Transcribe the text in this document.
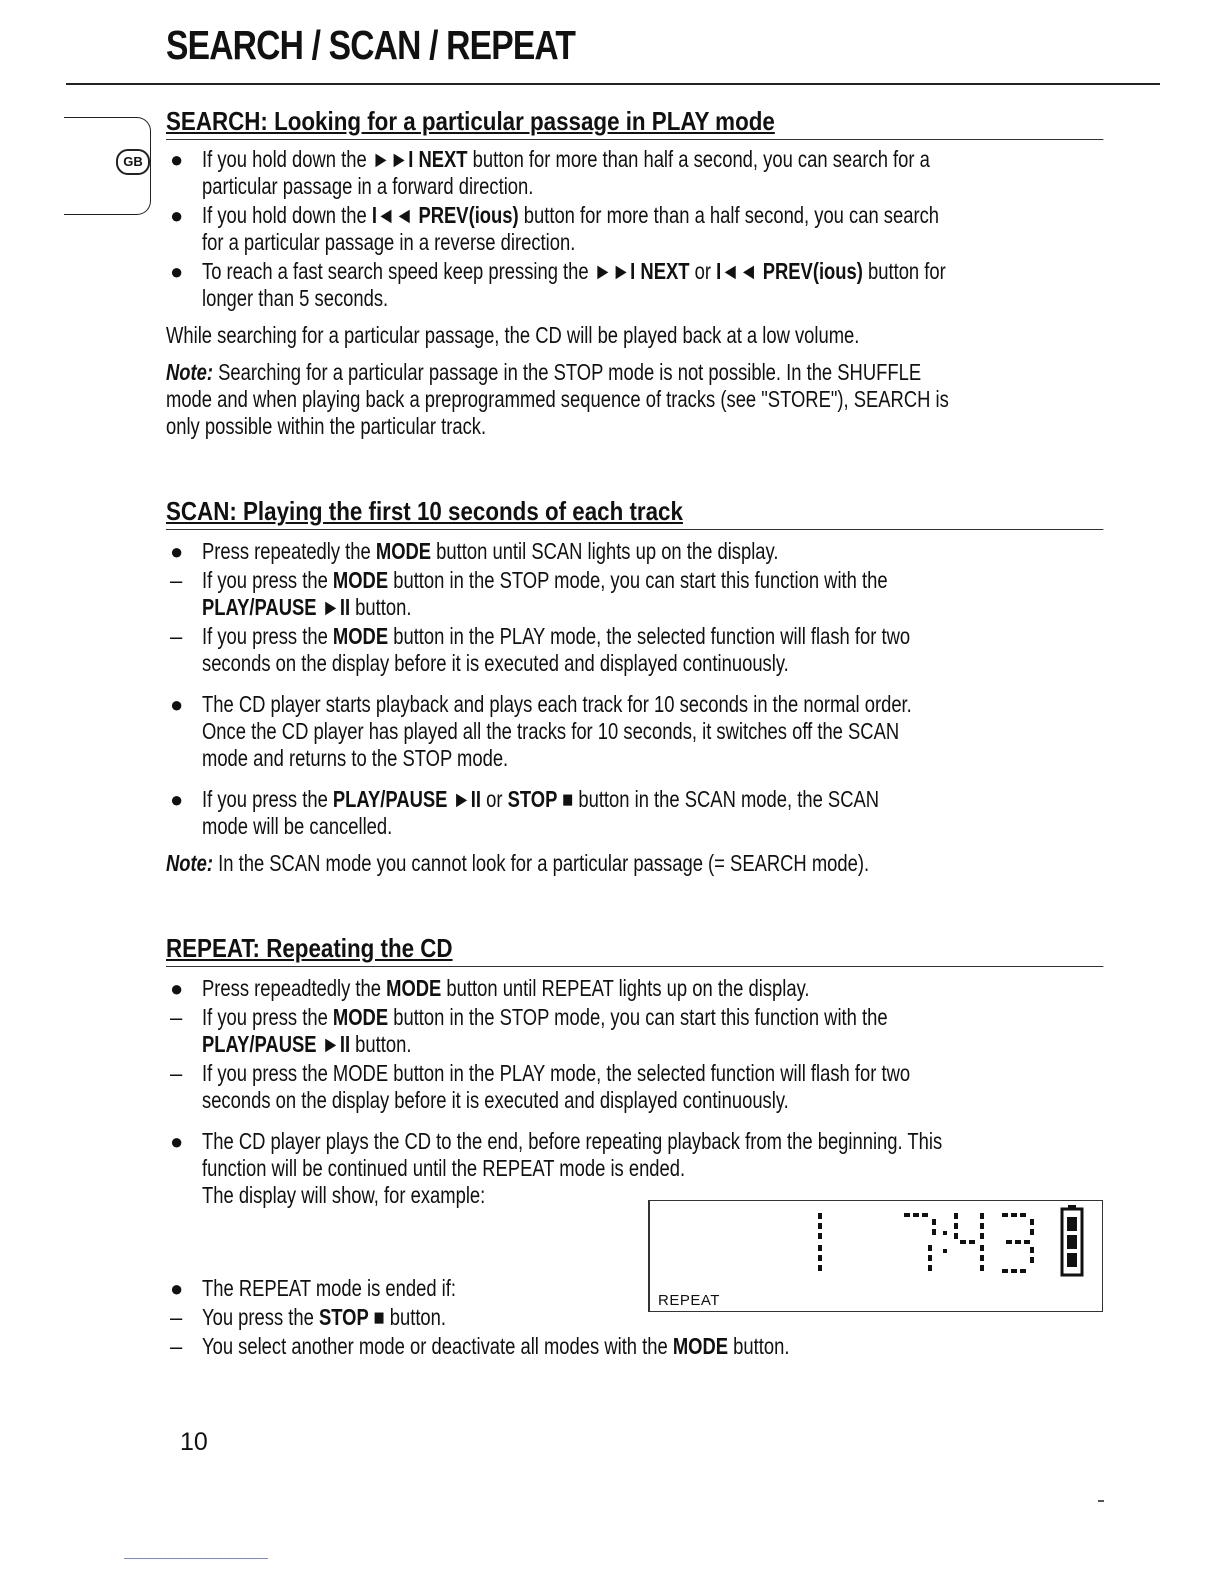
SEARCH / SCAN / REPEAT
GB
SEARCH: Looking for a particular passage in PLAY mode
● If you hold down the ►►I NEXT button for more than half a second, you can search for a
particular passage in a forward direction.
● If you hold down the I◄◄ PREV(ious) button for more than a half second, you can search
for a particular passage in a reverse direction.
● To reach a fast search speed keep pressing the ►►I NEXT or I◄◄ PREV(ious) button for
longer than 5 seconds.
While searching for a particular passage, the CD will be played back at a low volume.
Note: Searching for a particular passage in the STOP mode is not possible. In the SHUFFLE
mode and when playing back a preprogrammed sequence of tracks (see "STORE"), SEARCH is
only possible within the particular track.
SCAN: Playing the first 10 seconds of each track
● Press repeatedly the MODE button until SCAN lights up on the display.
– If you press the MODE button in the STOP mode, you can start this function with the
PLAY/PAUSE ►II button.
– If you press the MODE button in the PLAY mode, the selected function will flash for two
seconds on the display before it is executed and displayed continuously.
● The CD player starts playback and plays each track for 10 seconds in the normal order.
Once the CD player has played all the tracks for 10 seconds, it switches off the SCAN
mode and returns to the STOP mode.
● If you press the PLAY/PAUSE ►II or STOP ■ button in the SCAN mode, the SCAN
mode will be cancelled.
Note: In the SCAN mode you cannot look for a particular passage (= SEARCH mode).
REPEAT: Repeating the CD
● Press repeadtedly the MODE button until REPEAT lights up on the display.
– If you press the MODE button in the STOP mode, you can start this function with the
PLAY/PAUSE ►II button.
– If you press the MODE button in the PLAY mode, the selected function will flash for two
seconds on the display before it is executed and displayed continuously.
● The CD player plays the CD to the end, before repeating playback from the beginning. This
function will be continued until the REPEAT mode is ended.
The display will show, for example:
● The REPEAT mode is ended if:
– You press the STOP ■ button.
– You select another mode or deactivate all modes with the MODE button.
REPEAT
10
